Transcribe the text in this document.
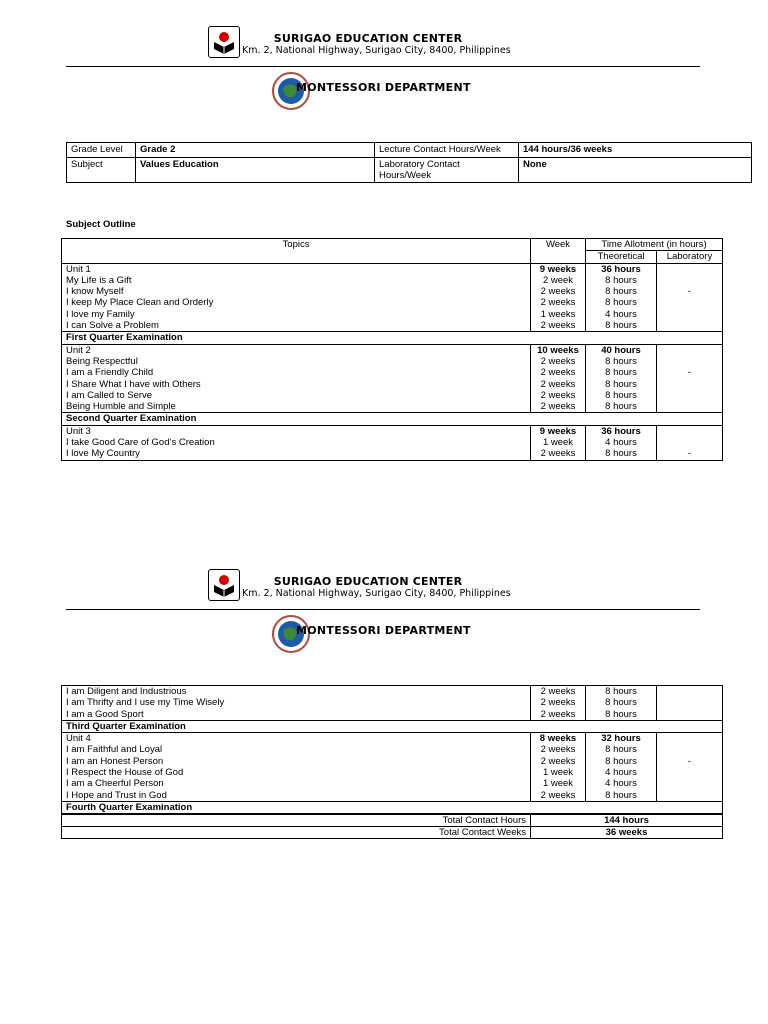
SURIGAO EDUCATION CENTER
Km. 2, National Highway, Surigao City, 8400, Philippines
MONTESSORI DEPARTMENT
Grade Level	Grade 2	Lecture Contact Hours/Week	144 hours/36 weeks
Subject	Values Education	Laboratory Contact
Hours/Week	None
Subject Outline
Topics	Week	Time Allotment (in hours)	
		Theoretical	Laboratory
Unit 1	9 weeks	36 hours	
My Life is a Gift	2 week	8 hours	
I know Myself	2 weeks	8 hours	-
I keep My Place Clean and Orderly	2 weeks	8 hours	
I love my Family	1 weeks	4 hours	
I can Solve a Problem	2 weeks	8 hours	
First Quarter Examination			
Unit 2	10 weeks	40 hours	
Being Respectful	2 weeks	8 hours	
I am a Friendly Child	2 weeks	8 hours	-
I Share What I have with Others	2 weeks	8 hours	
I am Called to Serve	2 weeks	8 hours	
Being Humble and Simple	2 weeks	8 hours	
Second Quarter Examination			
Unit 3	9 weeks	36 hours	
I take Good Care of God’s Creation	1 week	4 hours	
I love My Country	2 weeks	8 hours	-
SURIGAO EDUCATION CENTER
Km. 2, National Highway, Surigao City, 8400, Philippines
MONTESSORI DEPARTMENT
I am Diligent and Industrious	2 weeks	8 hours	
I am Thrifty and I use my Time Wisely	2 weeks	8 hours	
I am a Good Sport	2 weeks	8 hours	
Third Quarter Examination			
Unit 4	8 weeks	32 hours	
I am Faithful and Loyal	2 weeks	8 hours	
I am an Honest Person	2 weeks	8 hours	-
I Respect the House of God	1 week	4 hours	
I am a Cheerful Person	1 week	4 hours	
I Hope and Trust in God	2 weeks	8 hours	
Fourth Quarter Examination			
Total Contact Hours	144 hours
Total Contact Weeks	36 weeks
